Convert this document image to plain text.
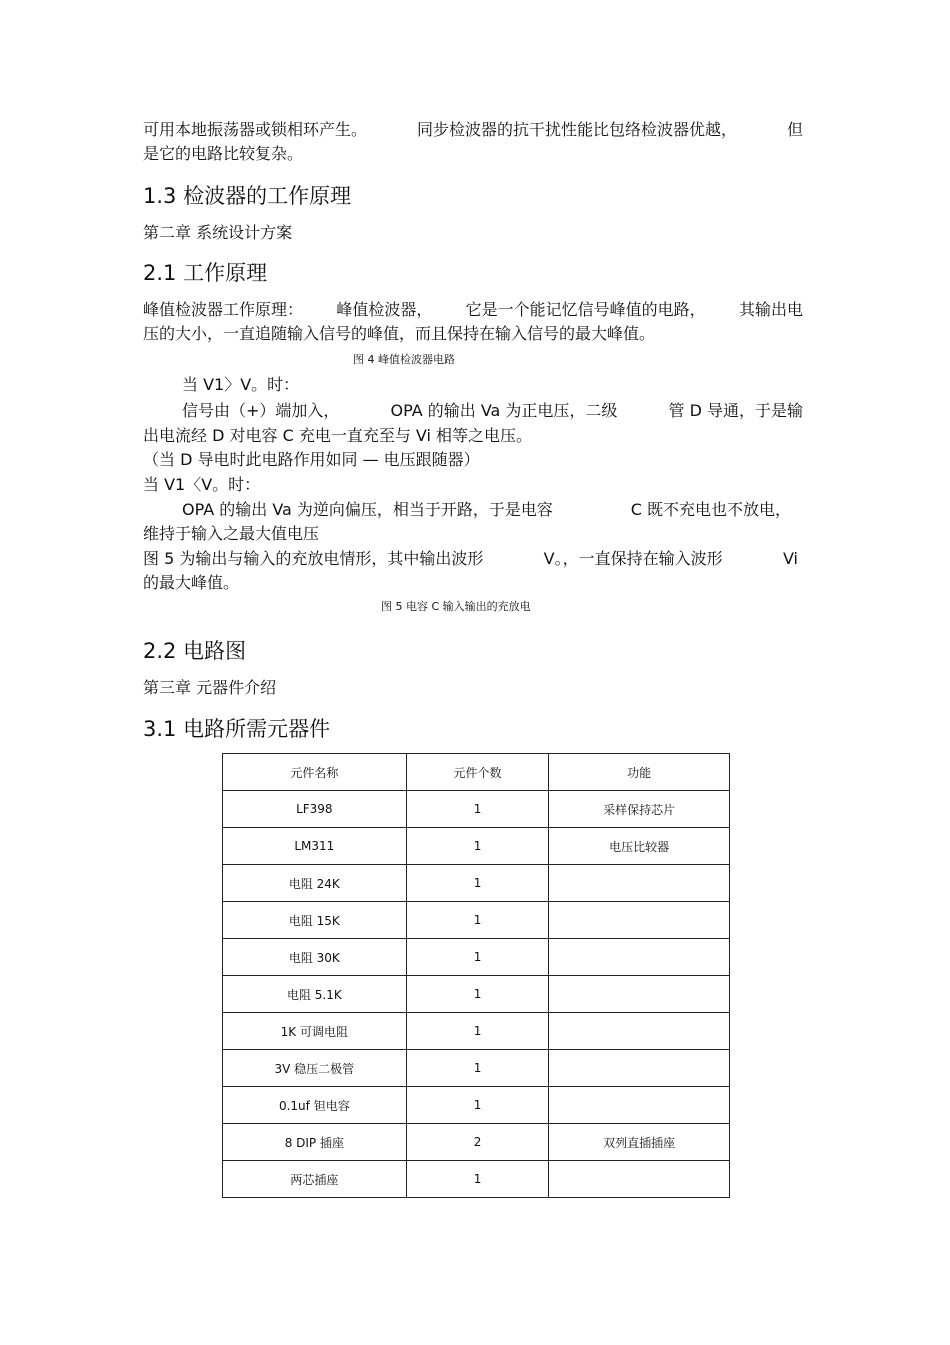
可用本地振荡器或锁相环产生。	同步检波器的抗干扰性能比包络检波器优越，	但
是它的电路比较复杂。
1.3 检波器的工作原理
第二章 系统设计方案
2.1 工作原理
峰值检波器工作原理： 峰值检波器， 它是一个能记忆信号峰值的电路， 其输出电
压的大小，一直追随输入信号的峰值，而且保持在输入信号的最大峰值。
图 4 峰值检波器电路
当 V1〉V。时：
信号由（+）端加入，	OPA 的输出 Va 为正电压，二级	管 D 导通，于是输
出电流经 D 对电容 C 充电一直充至与 Vi 相等之电压。
（当 D 导电时此电路作用如同 — 电压跟随器）
当 V1〈V。时：
OPA 的输出 Va 为逆向偏压，相当于开路，于是电容	C 既不充电也不放电，
维持于输入之最大值电压
图 5 为输出与输入的充放电情形，其中输出波形	V。，一直保持在输入波形	Vi
的最大峰值。
图 5 电容 C 输入输出的充放电
2.2 电路图
第三章 元器件介绍
3.1 电路所需元器件
元件名称	元件个数	功能
LF398	1	采样保持芯片
LM311	1	电压比较器
电阻 24K	1	
电阻 15K	1	
电阻 30K	1	
电阻 5.1K	1	
1K 可调电阻	1	
3V 稳压二极管	1	
0.1uf 钽电容	1	
8 DIP 插座	2	双列直插插座
两芯插座	1	
